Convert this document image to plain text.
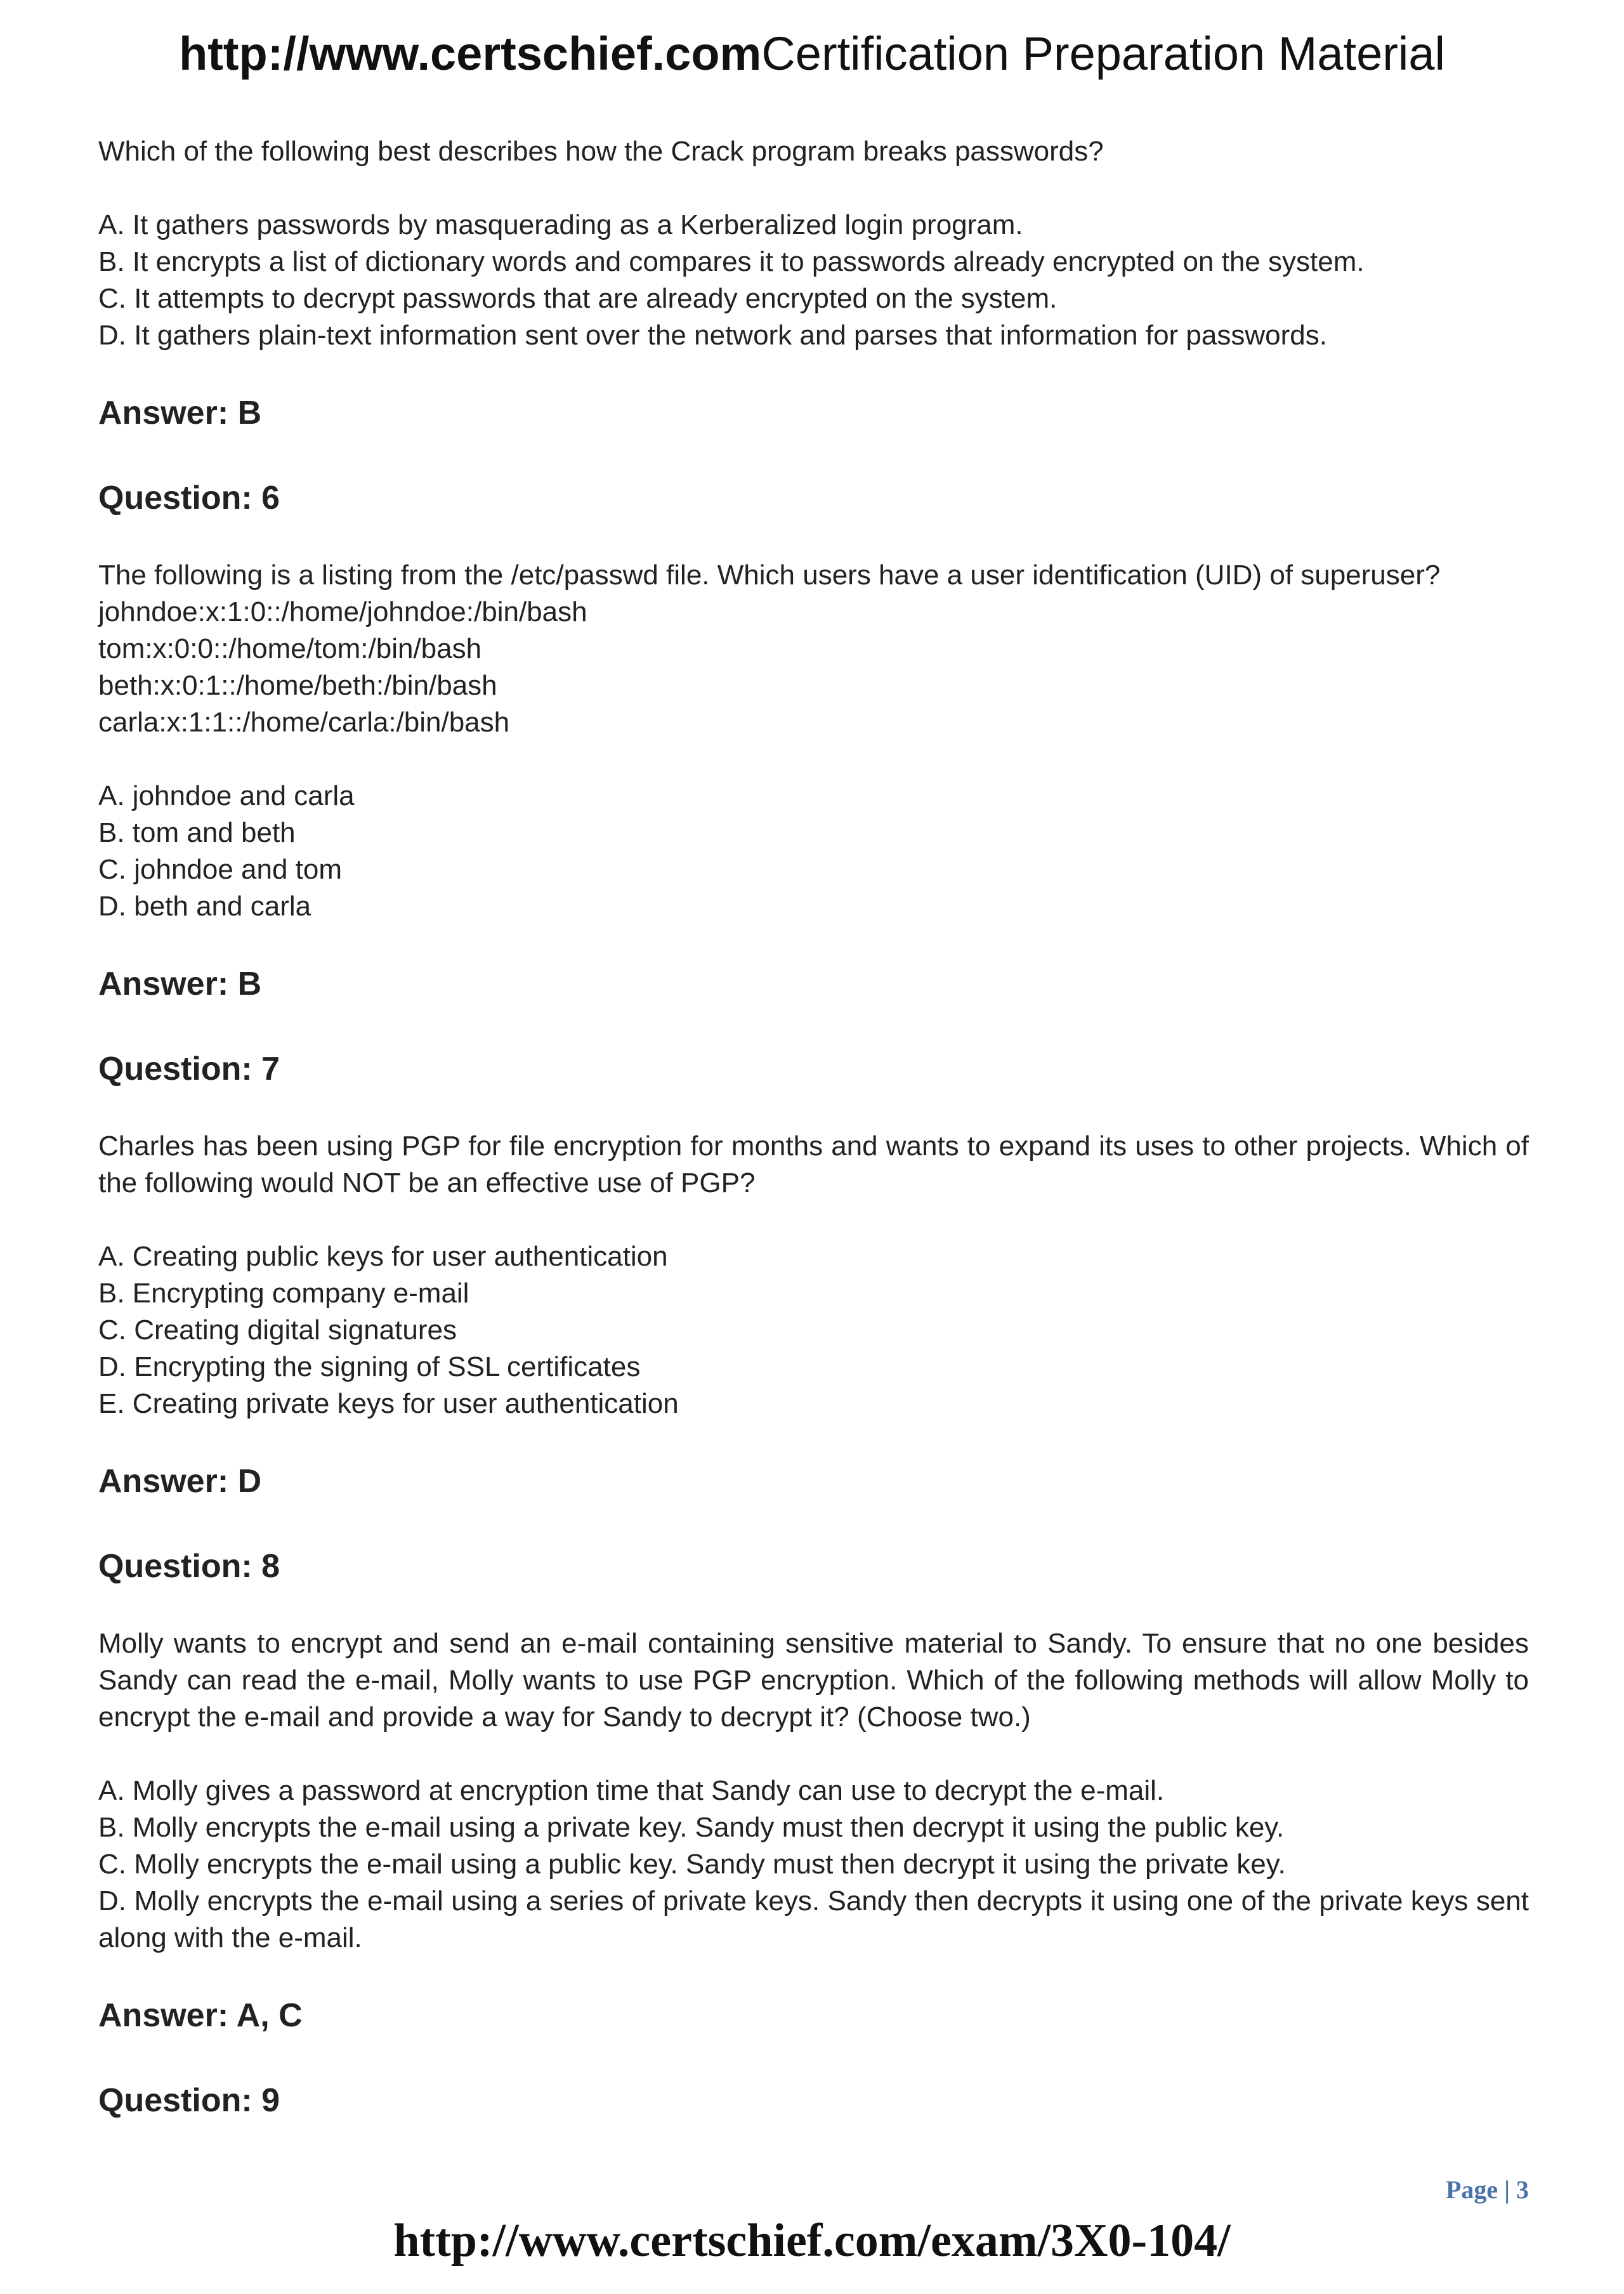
http://www.certschief.comCertification Preparation Material

Which of the following best describes how the Crack program breaks passwords?

A. It gathers passwords by masquerading as a Kerberalized login program.
B. It encrypts a list of dictionary words and compares it to passwords already encrypted on the system.
C. It attempts to decrypt passwords that are already encrypted on the system.
D. It gathers plain-text information sent over the network and parses that information for passwords.

Answer: B

Question: 6

The following is a listing from the /etc/passwd file. Which users have a user identification (UID) of superuser?

johndoe:x:1:0::/home/johndoe:/bin/bash
tom:x:0:0::/home/tom:/bin/bash
beth:x:0:1::/home/beth:/bin/bash
carla:x:1:1::/home/carla:/bin/bash
A. johndoe and carla
B. tom and beth
C. johndoe and tom
D. beth and carla

Answer: B

Question: 7

Charles has been using PGP for file encryption for months and wants to expand its uses to other projects. Which of the following would NOT be an effective use of PGP?

A. Creating public keys for user authentication
B. Encrypting company e-mail
C. Creating digital signatures
D. Encrypting the signing of SSL certificates
E. Creating private keys for user authentication

Answer: D

Question: 8

Molly wants to encrypt and send an e-mail containing sensitive material to Sandy. To ensure that no one besides Sandy can read the e-mail, Molly wants to use PGP encryption. Which of the following methods will allow Molly to encrypt the e-mail and provide a way for Sandy to decrypt it? (Choose two.)

A. Molly gives a password at encryption time that Sandy can use to decrypt the e-mail.
B. Molly encrypts the e-mail using a private key. Sandy must then decrypt it using the public key.
C. Molly encrypts the e-mail using a public key. Sandy must then decrypt it using the private key.
D. Molly encrypts the e-mail using a series of private keys. Sandy then decrypts it using one of the private keys sent along with the e-mail.

Answer: A, C

Question: 9

Page | 3
http://www.certschief.com/exam/3X0-104/
